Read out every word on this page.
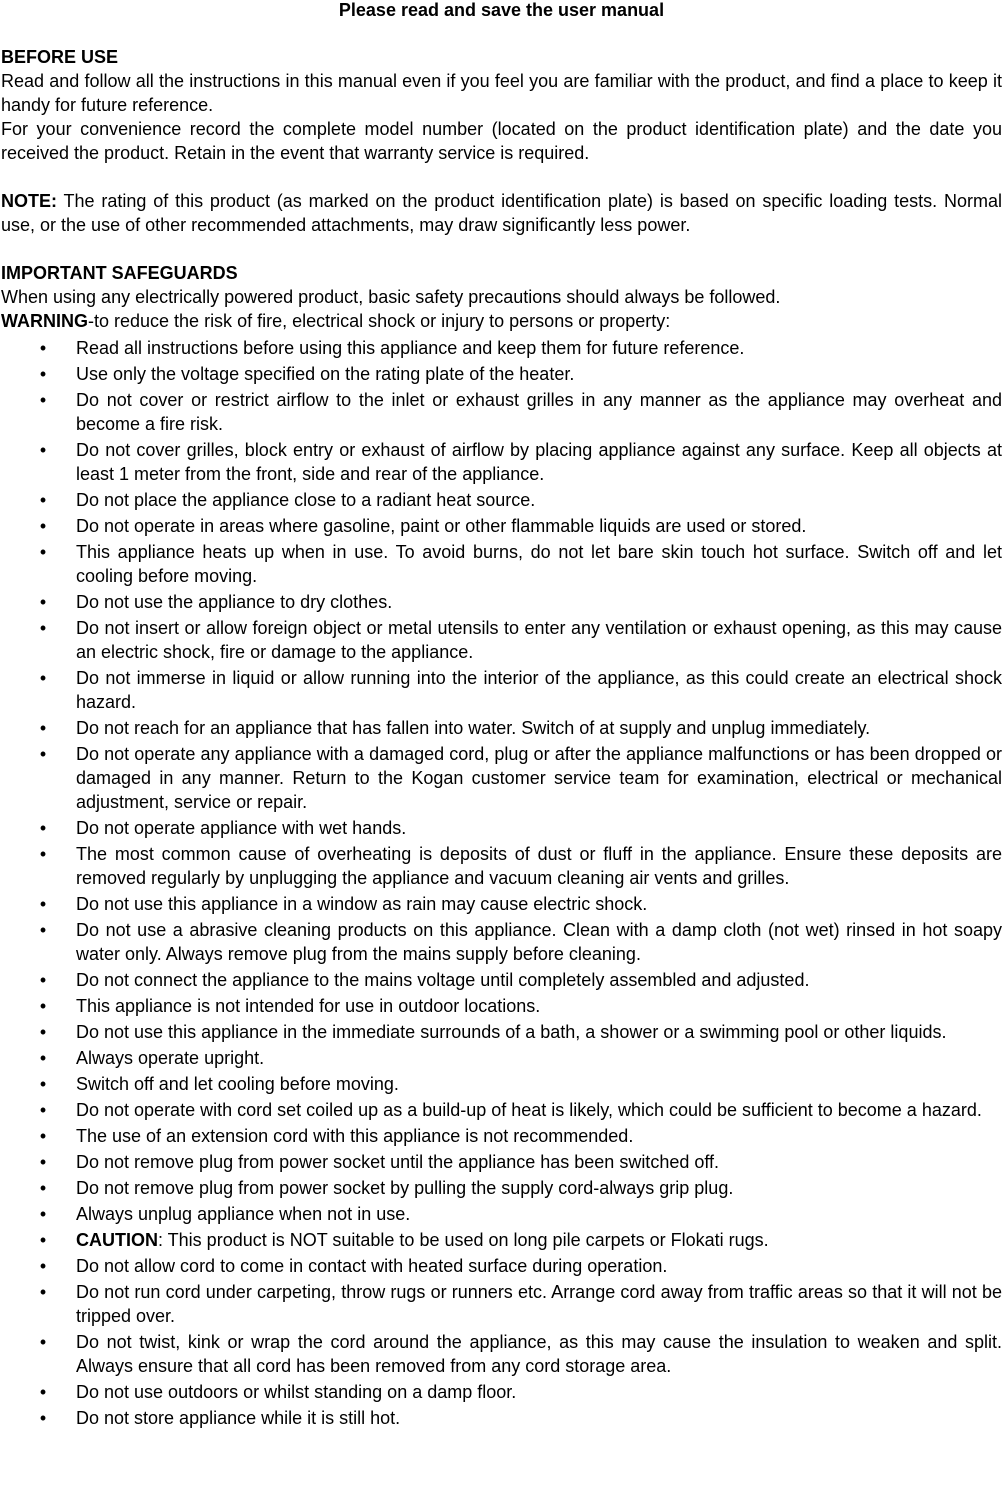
Please read and save the user manual

BEFORE USE

Read and follow all the instructions in this manual even if you feel you are familiar with the product, and find a place to keep it handy for future reference.

For your convenience record the complete model number (located on the product identification plate) and the date you received the product. Retain in the event that warranty service is required.

NOTE: The rating of this product (as marked on the product identification plate) is based on specific loading tests. Normal use, or the use of other recommended attachments, may draw significantly less power.

IMPORTANT SAFEGUARDS

When using any electrically powered product, basic safety precautions should always be followed.

WARNING-to reduce the risk of fire, electrical shock or injury to persons or property:

• Read all instructions before using this appliance and keep them for future reference.
• Use only the voltage specified on the rating plate of the heater.
• Do not cover or restrict airflow to the inlet or exhaust grilles in any manner as the appliance may overheat and become a fire risk.
• Do not cover grilles, block entry or exhaust of airflow by placing appliance against any surface. Keep all objects at least 1 meter from the front, side and rear of the appliance.
• Do not place the appliance close to a radiant heat source.
• Do not operate in areas where gasoline, paint or other flammable liquids are used or stored.
• This appliance heats up when in use. To avoid burns, do not let bare skin touch hot surface. Switch off and let cooling before moving.
• Do not use the appliance to dry clothes.
• Do not insert or allow foreign object or metal utensils to enter any ventilation or exhaust opening, as this may cause an electric shock, fire or damage to the appliance.
• Do not immerse in liquid or allow running into the interior of the appliance, as this could create an electrical shock hazard.
• Do not reach for an appliance that has fallen into water. Switch of at supply and unplug immediately.
• Do not operate any appliance with a damaged cord, plug or after the appliance malfunctions or has been dropped or damaged in any manner. Return to the Kogan customer service team for examination, electrical or mechanical adjustment, service or repair.
• Do not operate appliance with wet hands.
• The most common cause of overheating is deposits of dust or fluff in the appliance. Ensure these deposits are removed regularly by unplugging the appliance and vacuum cleaning air vents and grilles.
• Do not use this appliance in a window as rain may cause electric shock.
• Do not use a abrasive cleaning products on this appliance. Clean with a damp cloth (not wet) rinsed in hot soapy water only. Always remove plug from the mains supply before cleaning.
• Do not connect the appliance to the mains voltage until completely assembled and adjusted.
• This appliance is not intended for use in outdoor locations.
• Do not use this appliance in the immediate surrounds of a bath, a shower or a swimming pool or other liquids.
• Always operate upright.
• Switch off and let cooling before moving.
• Do not operate with cord set coiled up as a build-up of heat is likely, which could be sufficient to become a hazard.
• The use of an extension cord with this appliance is not recommended.
• Do not remove plug from power socket until the appliance has been switched off.
• Do not remove plug from power socket by pulling the supply cord-always grip plug.
• Always unplug appliance when not in use.
• CAUTION: This product is NOT suitable to be used on long pile carpets or Flokati rugs.
• Do not allow cord to come in contact with heated surface during operation.
• Do not run cord under carpeting, throw rugs or runners etc. Arrange cord away from traffic areas so that it will not be tripped over.
• Do not twist, kink or wrap the cord around the appliance, as this may cause the insulation to weaken and split. Always ensure that all cord has been removed from any cord storage area.
• Do not use outdoors or whilst standing on a damp floor.
• Do not store appliance while it is still hot.
